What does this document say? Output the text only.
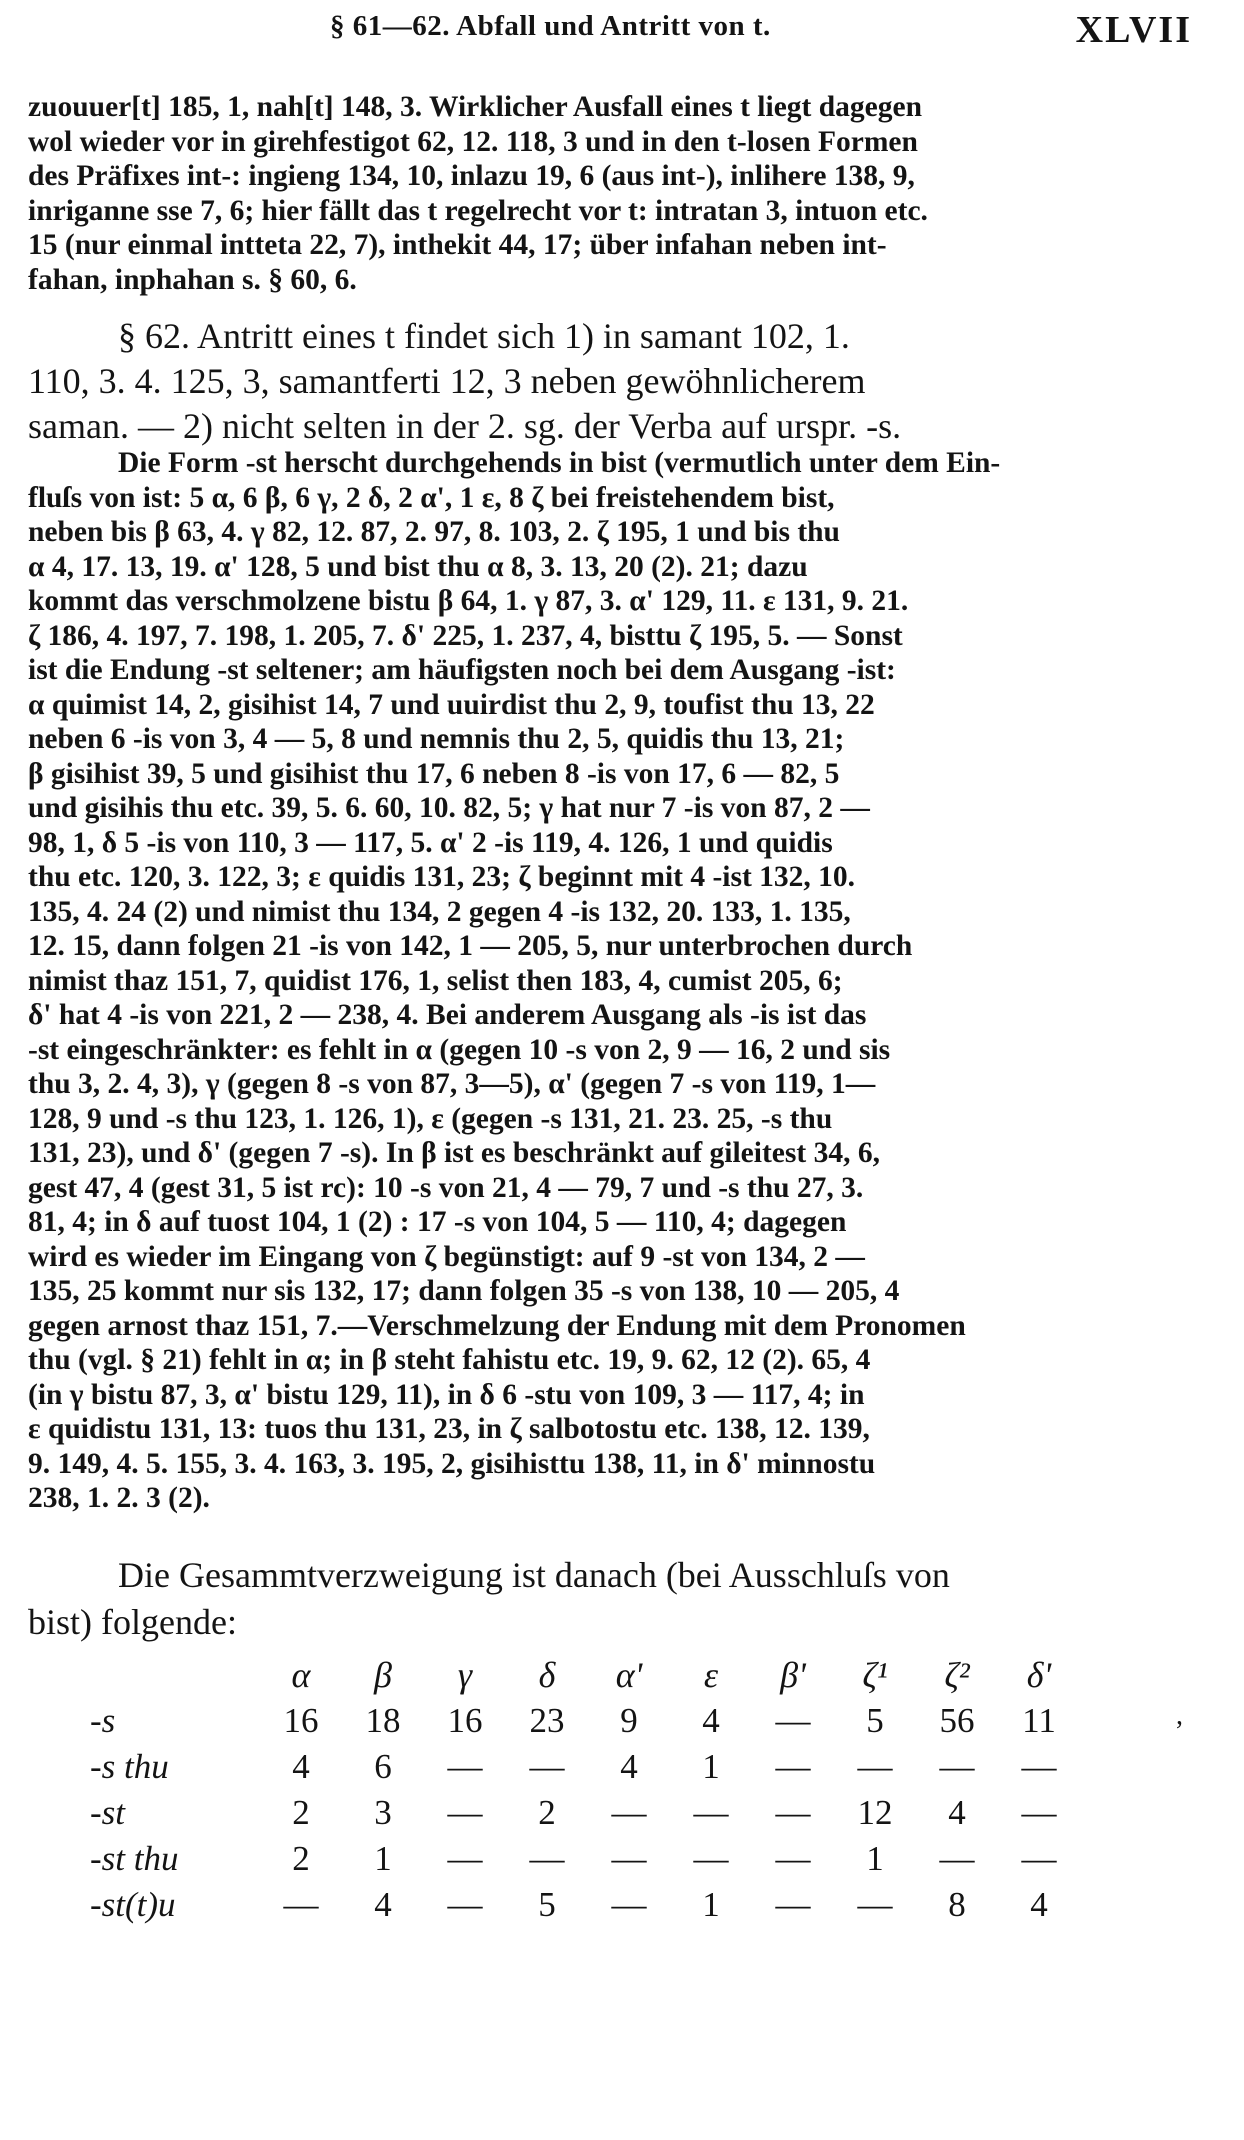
§ 61—62. Abfall und Antritt von t.	XLVII
zuouuer[t] 185, 1, nah[t] 148, 3. Wirklicher Ausfall eines t liegt dagegen
wol wieder vor in girehfestigot 62, 12. 118, 3 und in den t-losen Formen
des Präfixes int-: ingieng 134, 10, inlazu 19, 6 (aus int-), inlihere 138, 9,
inriganne sse 7, 6; hier fällt das t regelrecht vor t: intratan 3, intuon etc.
15 (nur einmal intteta 22, 7), inthekit 44, 17; über infahan neben int-
fahan, inphahan s. § 60, 6.
§ 62. Antritt eines t findet sich 1) in samant 102, 1.
110, 3. 4. 125, 3, samantferti 12, 3 neben gewöhnlicherem
saman. — 2) nicht selten in der 2. sg. der Verba auf urspr. -s.
Die Form -st herscht durchgehends in bist (vermutlich unter dem Ein-
fluſs von ist: 5 α, 6 β, 6 γ, 2 δ, 2 α', 1 ε, 8 ζ bei freistehendem bist,
neben bis β 63, 4. γ 82, 12. 87, 2. 97, 8. 103, 2. ζ 195, 1 und bis thu
α 4, 17. 13, 19. α' 128, 5 und bist thu α 8, 3. 13, 20 (2). 21; dazu
kommt das verschmolzene bistu β 64, 1. γ 87, 3. α' 129, 11. ε 131, 9. 21.
ζ 186, 4. 197, 7. 198, 1. 205, 7. δ' 225, 1. 237, 4, bisttu ζ 195, 5. — Sonst
ist die Endung -st seltener; am häufigsten noch bei dem Ausgang -ist:
α quimist 14, 2, gisihist 14, 7 und uuirdist thu 2, 9, toufist thu 13, 22
neben 6 -is von 3, 4 — 5, 8 und nemnis thu 2, 5, quidis thu 13, 21;
β gisihist 39, 5 und gisihist thu 17, 6 neben 8 -is von 17, 6 — 82, 5
und gisihis thu etc. 39, 5. 6. 60, 10. 82, 5; γ hat nur 7 -is von 87, 2 —
98, 1, δ 5 -is von 110, 3 — 117, 5. α' 2 -is 119, 4. 126, 1 und quidis
thu etc. 120, 3. 122, 3; ε quidis 131, 23; ζ beginnt mit 4 -ist 132, 10.
135, 4. 24 (2) und nimist thu 134, 2 gegen 4 -is 132, 20. 133, 1. 135,
12. 15, dann folgen 21 -is von 142, 1 — 205, 5, nur unterbrochen durch
nimist thaz 151, 7, quidist 176, 1, selist then 183, 4, cumist 205, 6;
δ' hat 4 -is von 221, 2 — 238, 4. Bei anderem Ausgang als -is ist das
-st eingeschränkter: es fehlt in α (gegen 10 -s von 2, 9 — 16, 2 und sis
thu 3, 2. 4, 3), γ (gegen 8 -s von 87, 3—5), α' (gegen 7 -s von 119, 1—
128, 9 und -s thu 123, 1. 126, 1), ε (gegen -s 131, 21. 23. 25, -s thu
131, 23), und δ' (gegen 7 -s). In β ist es beschränkt auf gileitest 34, 6,
gest 47, 4 (gest 31, 5 ist rc): 10 -s von 21, 4 — 79, 7 und -s thu 27, 3.
81, 4; in δ auf tuost 104, 1 (2) : 17 -s von 104, 5 — 110, 4; dagegen
wird es wieder im Eingang von ζ begünstigt: auf 9 -st von 134, 2 —
135, 25 kommt nur sis 132, 17; dann folgen 35 -s von 138, 10 — 205, 4
gegen arnost thaz 151, 7.—Verschmelzung der Endung mit dem Pronomen
thu (vgl. § 21) fehlt in α; in β steht fahistu etc. 19, 9. 62, 12 (2). 65, 4
(in γ bistu 87, 3, α' bistu 129, 11), in δ 6 -stu von 109, 3 — 117, 4; in
ε quidistu 131, 13: tuos thu 131, 23, in ζ salbotostu etc. 138, 12. 139,
9. 149, 4. 5. 155, 3. 4. 163, 3. 195, 2, gisihisttu 138, 11, in δ' minnostu
238, 1. 2. 3 (2).
Die Gesammtverzweigung ist danach (bei Ausschluſs von
bist) folgende:
	α	β	γ	δ	α'	ε	β'	ζ¹	ζ²	δ'
-s	16	18	16	23	9	4	—	5	56	11
-s thu	4	6	—	—	4	1	—	—	—	—
-st	2	3	—	2	—	—	—	12	4	—
-st thu	2	1	—	—	—	—	—	1	—	—
-st(t)u	—	4	—	5	—	1	—	—	8	4
,
